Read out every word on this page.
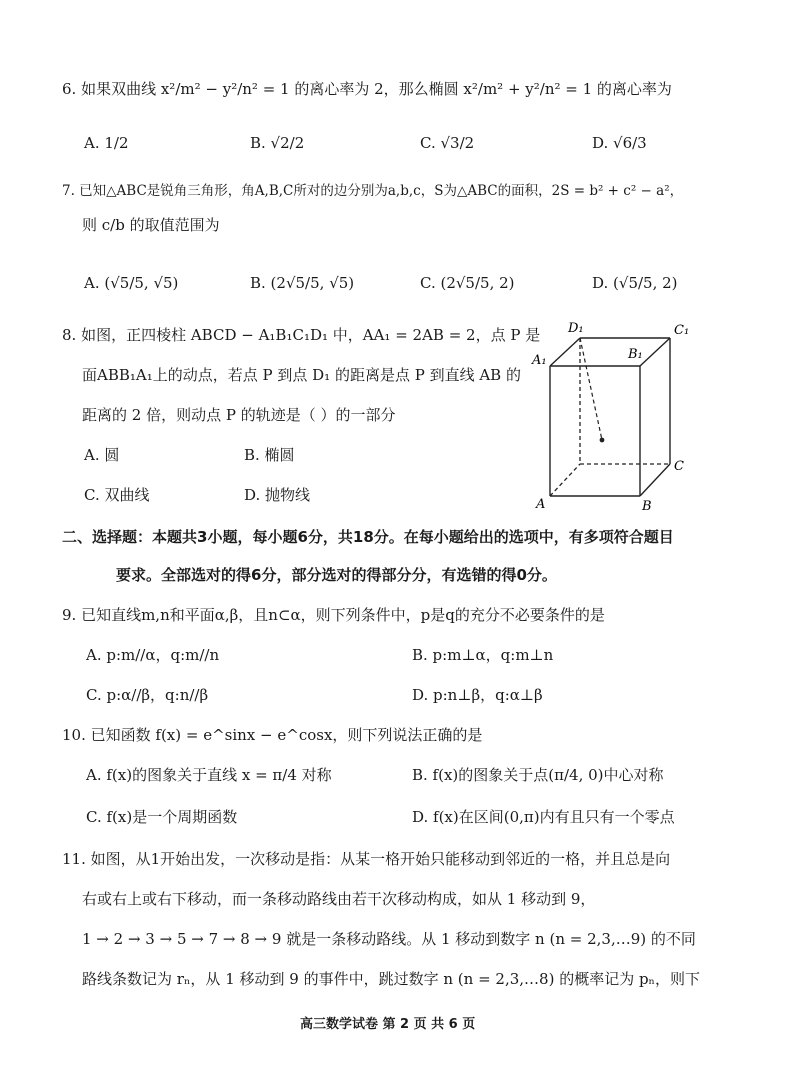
6. 如果双曲线 x²/m² − y²/n² = 1 的离心率为 2，那么椭圆 x²/m² + y²/n² = 1 的离心率为
A. 1/2	B. √2/2	C. √3/2	D. √6/3
7. 已知△ABC是锐角三角形，角A,B,C所对的边分别为a,b,c，S为△ABC的面积，2S = b² + c² − a²，
则 c/b 的取值范围为
A. (√5/5, √5)	B. (2√5/5, √5)	C. (2√5/5, 2)	D. (√5/5, 2)
8. 如图，正四棱柱 ABCD − A₁B₁C₁D₁ 中，AA₁ = 2AB = 2，点 P 是
面ABB₁A₁上的动点，若点 P 到点 D₁ 的距离是点 P 到直线 AB 的
距离的 2 倍，则动点 P 的轨迹是（ ）的一部分
A. 圆	B. 椭圆
C. 双曲线	D. 抛物线
D₁	C₁
A₁	B₁
A	B
C
二、选择题：本题共3小题，每小题6分，共18分。在每小题给出的选项中，有多项符合题目
要求。全部选对的得6分，部分选对的得部分分，有选错的得0分。
9. 已知直线m,n和平面α,β，且n⊂α，则下列条件中，p是q的充分不必要条件的是
A. p:m//α，q:m//n	B. p:m⊥α，q:m⊥n
C. p:α//β，q:n//β	D. p:n⊥β，q:α⊥β
10. 已知函数 f(x) = e^sinx − e^cosx，则下列说法正确的是
A. f(x)的图象关于直线 x = π/4 对称	B. f(x)的图象关于点(π/4, 0)中心对称
C. f(x)是一个周期函数	D. f(x)在区间(0,π)内有且只有一个零点
11. 如图，从1开始出发，一次移动是指：从某一格开始只能移动到邻近的一格，并且总是向
右或右上或右下移动，而一条移动路线由若干次移动构成，如从 1 移动到 9，
1 → 2 → 3 → 5 → 7 → 8 → 9 就是一条移动路线。从 1 移动到数字 n (n = 2,3,…9) 的不同
路线条数记为 rₙ，从 1 移动到 9 的事件中，跳过数字 n (n = 2,3,…8) 的概率记为 pₙ，则下
高三数学试卷 第 2 页 共 6 页
